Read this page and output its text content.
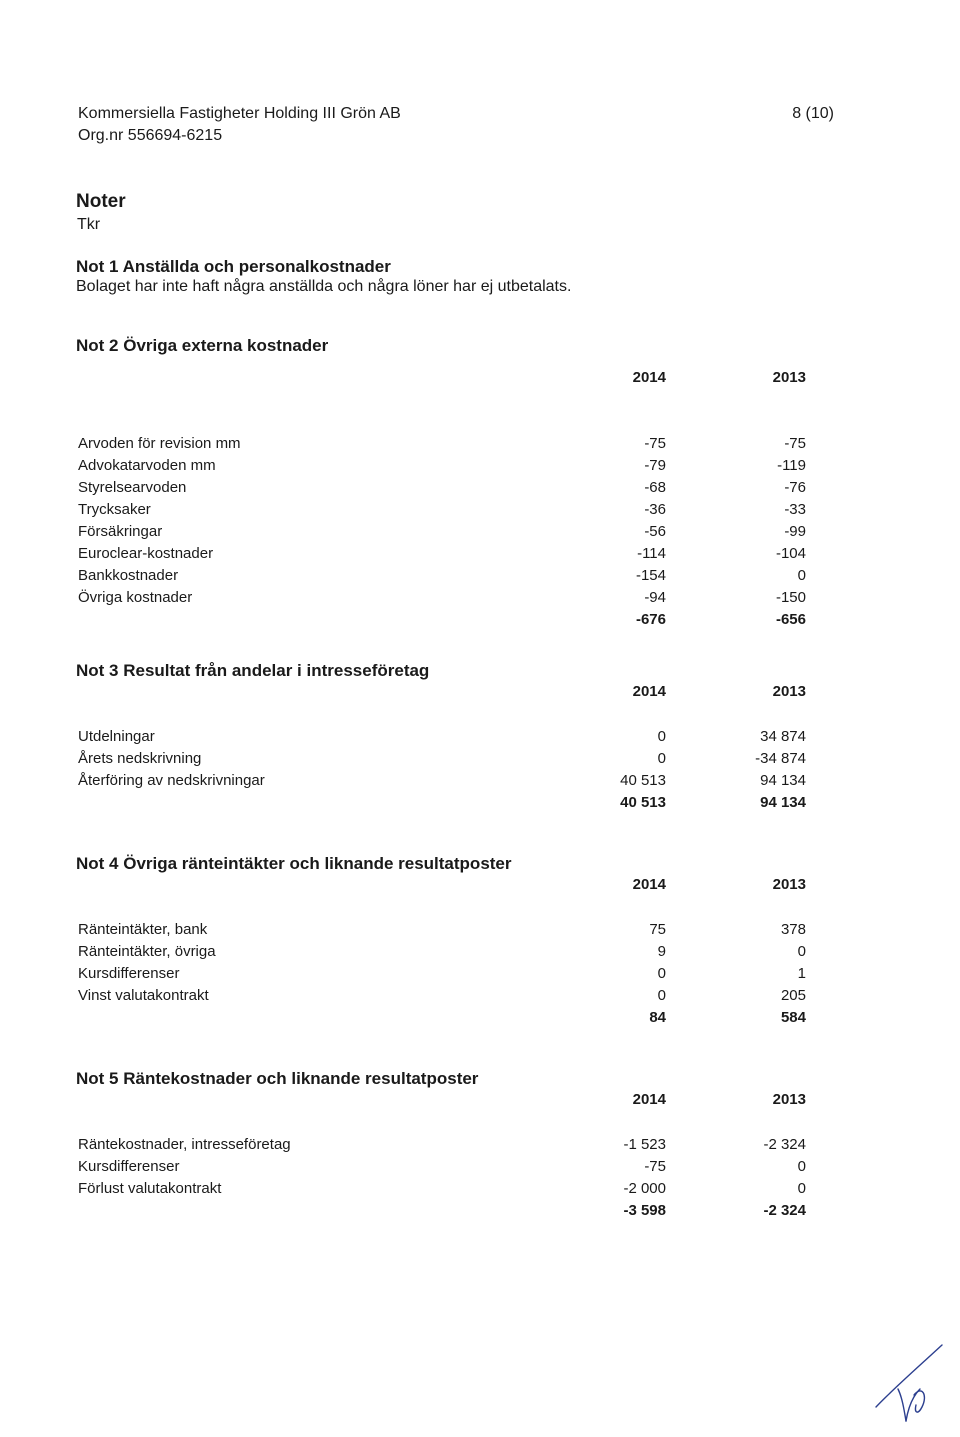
Kommersiella Fastigheter Holding III Grön AB
Org.nr 556694-6215
8 (10)
Noter
Tkr
Not 1 Anställda och personalkostnader
Bolaget har inte haft några anställda och några löner har ej utbetalats.
Not 2 Övriga externa kostnader
2014	2013
Arvoden för revision mm	-75	-75
Advokatarvoden mm	-79	-119
Styrelsearvoden	-68	-76
Trycksaker	-36	-33
Försäkringar	-56	-99
Euroclear-kostnader	-114	-104
Bankkostnader	-154	0
Övriga kostnader	-94	-150
-676	-656
Not 3 Resultat från andelar i intresseföretag
2014	2013
Utdelningar	0	34 874
Årets nedskrivning	0	-34 874
Återföring av nedskrivningar	40 513	94 134
40 513	94 134
Not 4 Övriga ränteintäkter och liknande resultatposter
2014	2013
Ränteintäkter, bank	75	378
Ränteintäkter, övriga	9	0
Kursdifferenser	0	1
Vinst valutakontrakt	0	205
84	584
Not 5 Räntekostnader och liknande resultatposter
2014	2013
Räntekostnader, intresseföretag	-1 523	-2 324
Kursdifferenser	-75	0
Förlust valutakontrakt	-2 000	0
-3 598	-2 324
